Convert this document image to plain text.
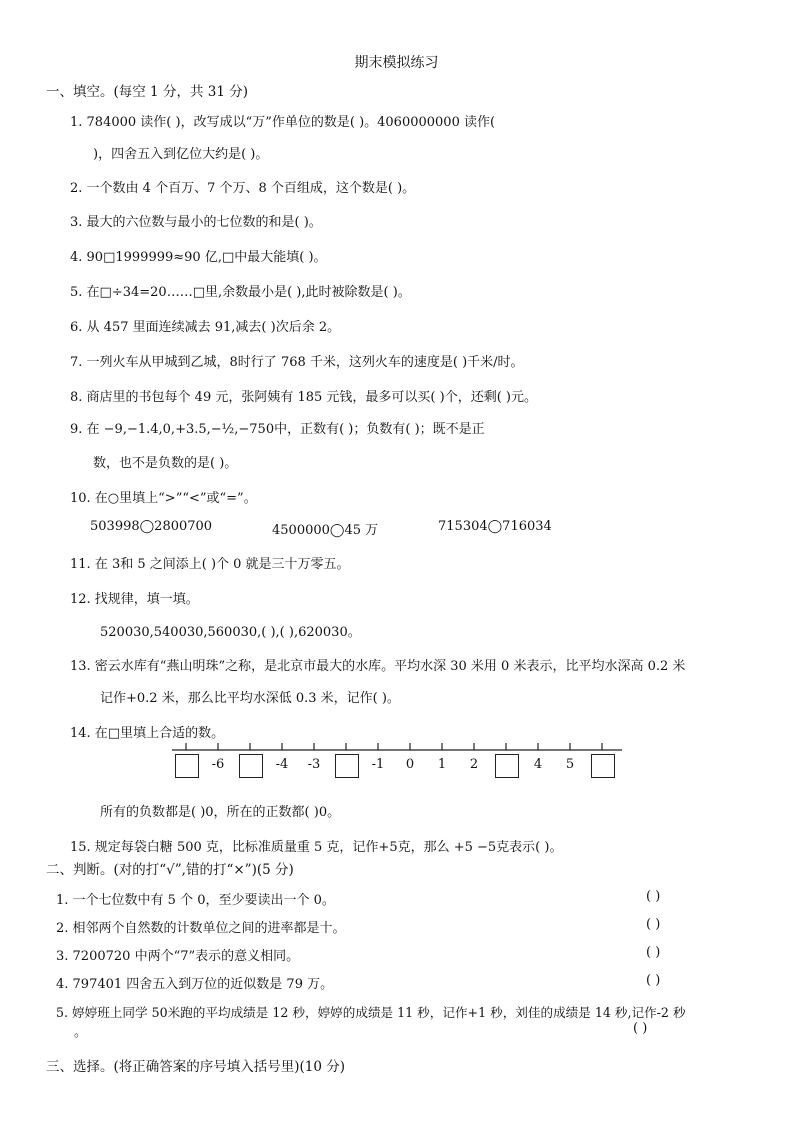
期末模拟练习
一、填空。(每空 1 分，共 31 分)
1. 784000 读作( )，改写成以“万”作单位的数是( )。4060000000 读作(
)，四舍五入到亿位大约是( )。
2. 一个数由 4 个百万、7 个万、8 个百组成，这个数是( )。
3. 最大的六位数与最小的七位数的和是( )。
4. 90□1999999≈90 亿,□中最大能填( )。
5. 在□÷34=20……□里,余数最小是( ),此时被除数是( )。
6. 从 457 里面连续减去 91,减去( )次后余 2。
7. 一列火车从甲城到乙城，8时行了 768 千米，这列火车的速度是( )千米/时。
8. 商店里的书包每个 49 元，张阿姨有 185 元钱，最多可以买( )个，还剩( )元。
9. 在 −9,−1.4,0,+3.5,−½,−750中，正数有( )；负数有( )；既不是正
数，也不是负数的是( )。
10. 在○里填上“>”“<”或“=”。
503998◯2800700	4500000◯45 万	715304◯716034
11. 在 3和 5 之间添上( )个 0 就是三十万零五。
12. 找规律，填一填。
520030,540030,560030,( ),( ),620030。
13. 密云水库有“燕山明珠”之称，是北京市最大的水库。平均水深 30 米用 0 米表示，比平均水深高 0.2 米
记作+0.2 米，那么比平均水深低 0.3 米，记作( )。
14. 在□里填上合适的数。
-6	-4	-3	-1	0	1	2	4	5
所有的负数都是( )0，所在的正数都( )0。
15. 规定每袋白糖 500 克，比标准质量重 5 克，记作+5克，那么 +5 −5克表示( )。
二、判断。(对的打“√”,错的打“×”)(5 分)
1. 一个七位数中有 5 个 0，至少要读出一个 0。	( )
2. 相邻两个自然数的计数单位之间的进率都是十。	( )
3. 7200720 中两个“7”表示的意义相同。	( )
4. 797401 四舍五入到万位的近似数是 79 万。	( )
5. 婷婷班上同学 50米跑的平均成绩是 12 秒，婷婷的成绩是 11 秒，记作+1 秒，刘佳的成绩是 14 秒,记作-2 秒
。	( )
三、选择。(将正确答案的序号填入括号里)(10 分)
